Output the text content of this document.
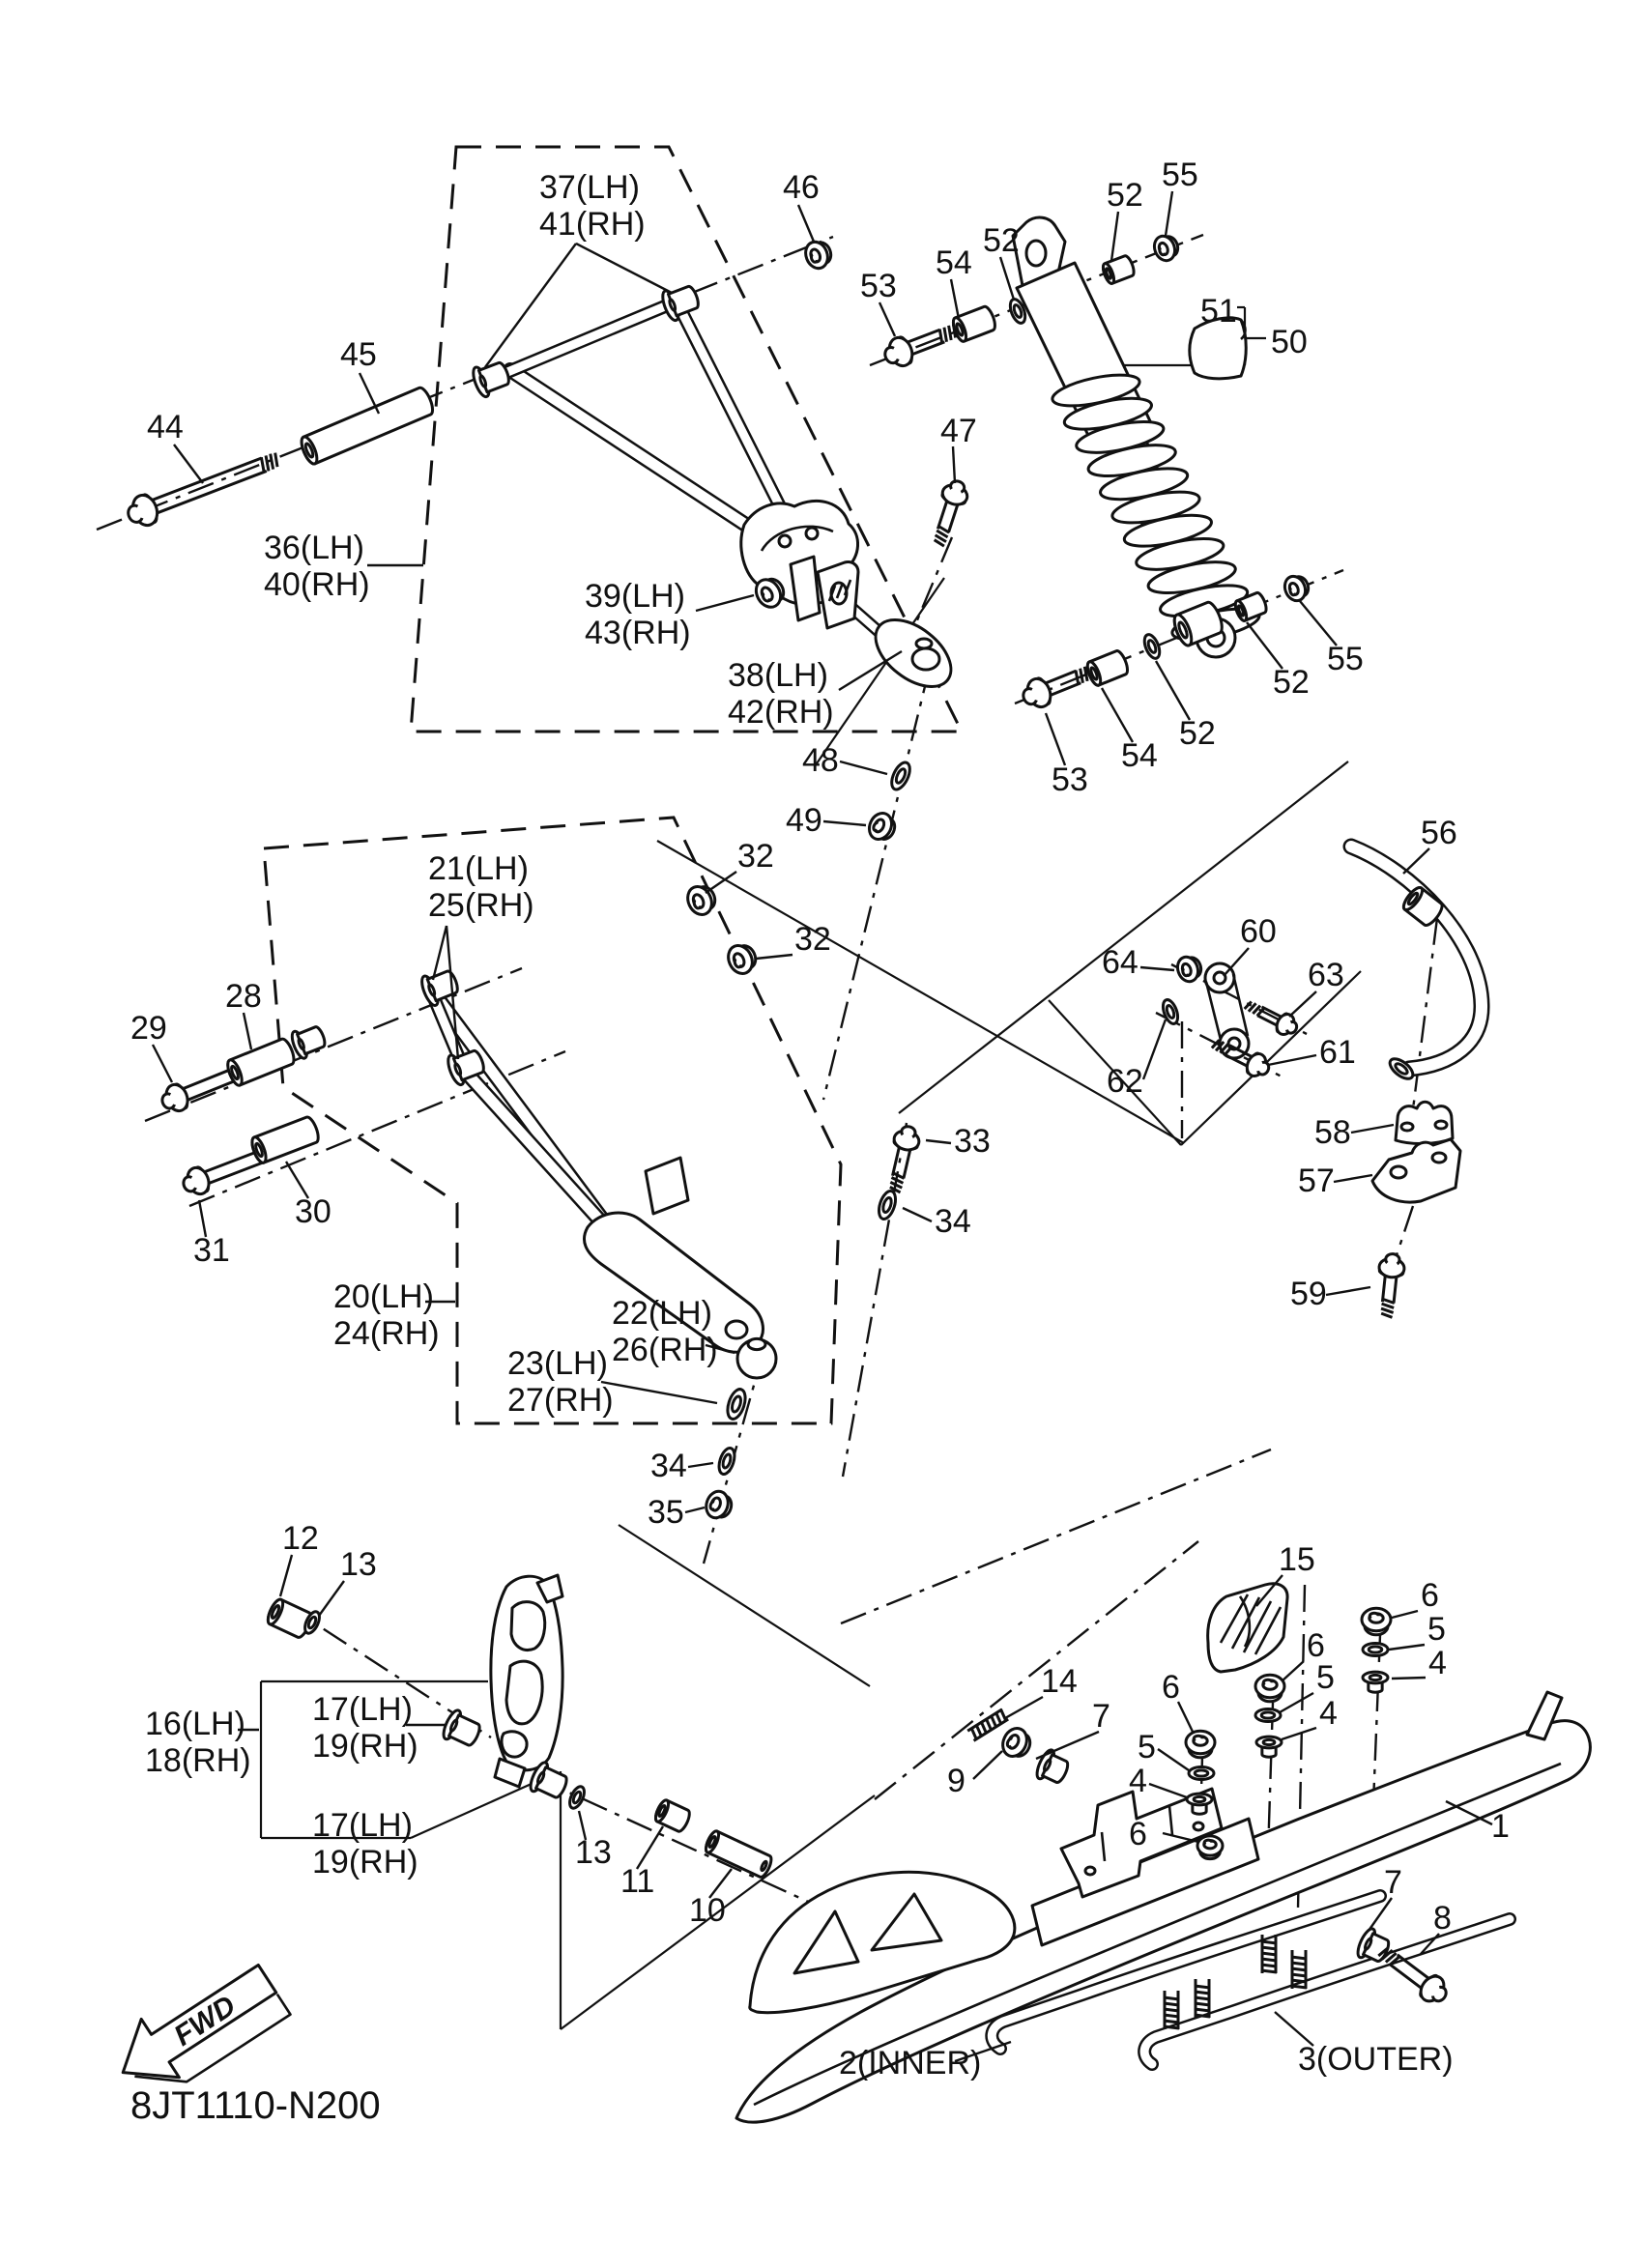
FWD
8JT1110-N200
37(LH) 41(RH)
46
45
44
36(LH) 40(RH)	39(LH) 43(RH)
38(LH) 42(RH)
53
54
52
52
55
51
50
47
53
54
52
52
55
48
49	56
21(LH) 25(RH)
32
32
28
29
30
31
20(LH) 24(RH)
22(LH) 26(RH)
23(LH) 27(RH)
33
34
34
35
64
60
63
62
61
58
57
59
12
13
16(LH) 18(RH)
17(LH) 19(RH)
17(LH) 19(RH)	13
11
10
15
6
5
4
6
5
4
6
7
5
4
6
9
14
1
7
8
2(INNER)	3(OUTER)
